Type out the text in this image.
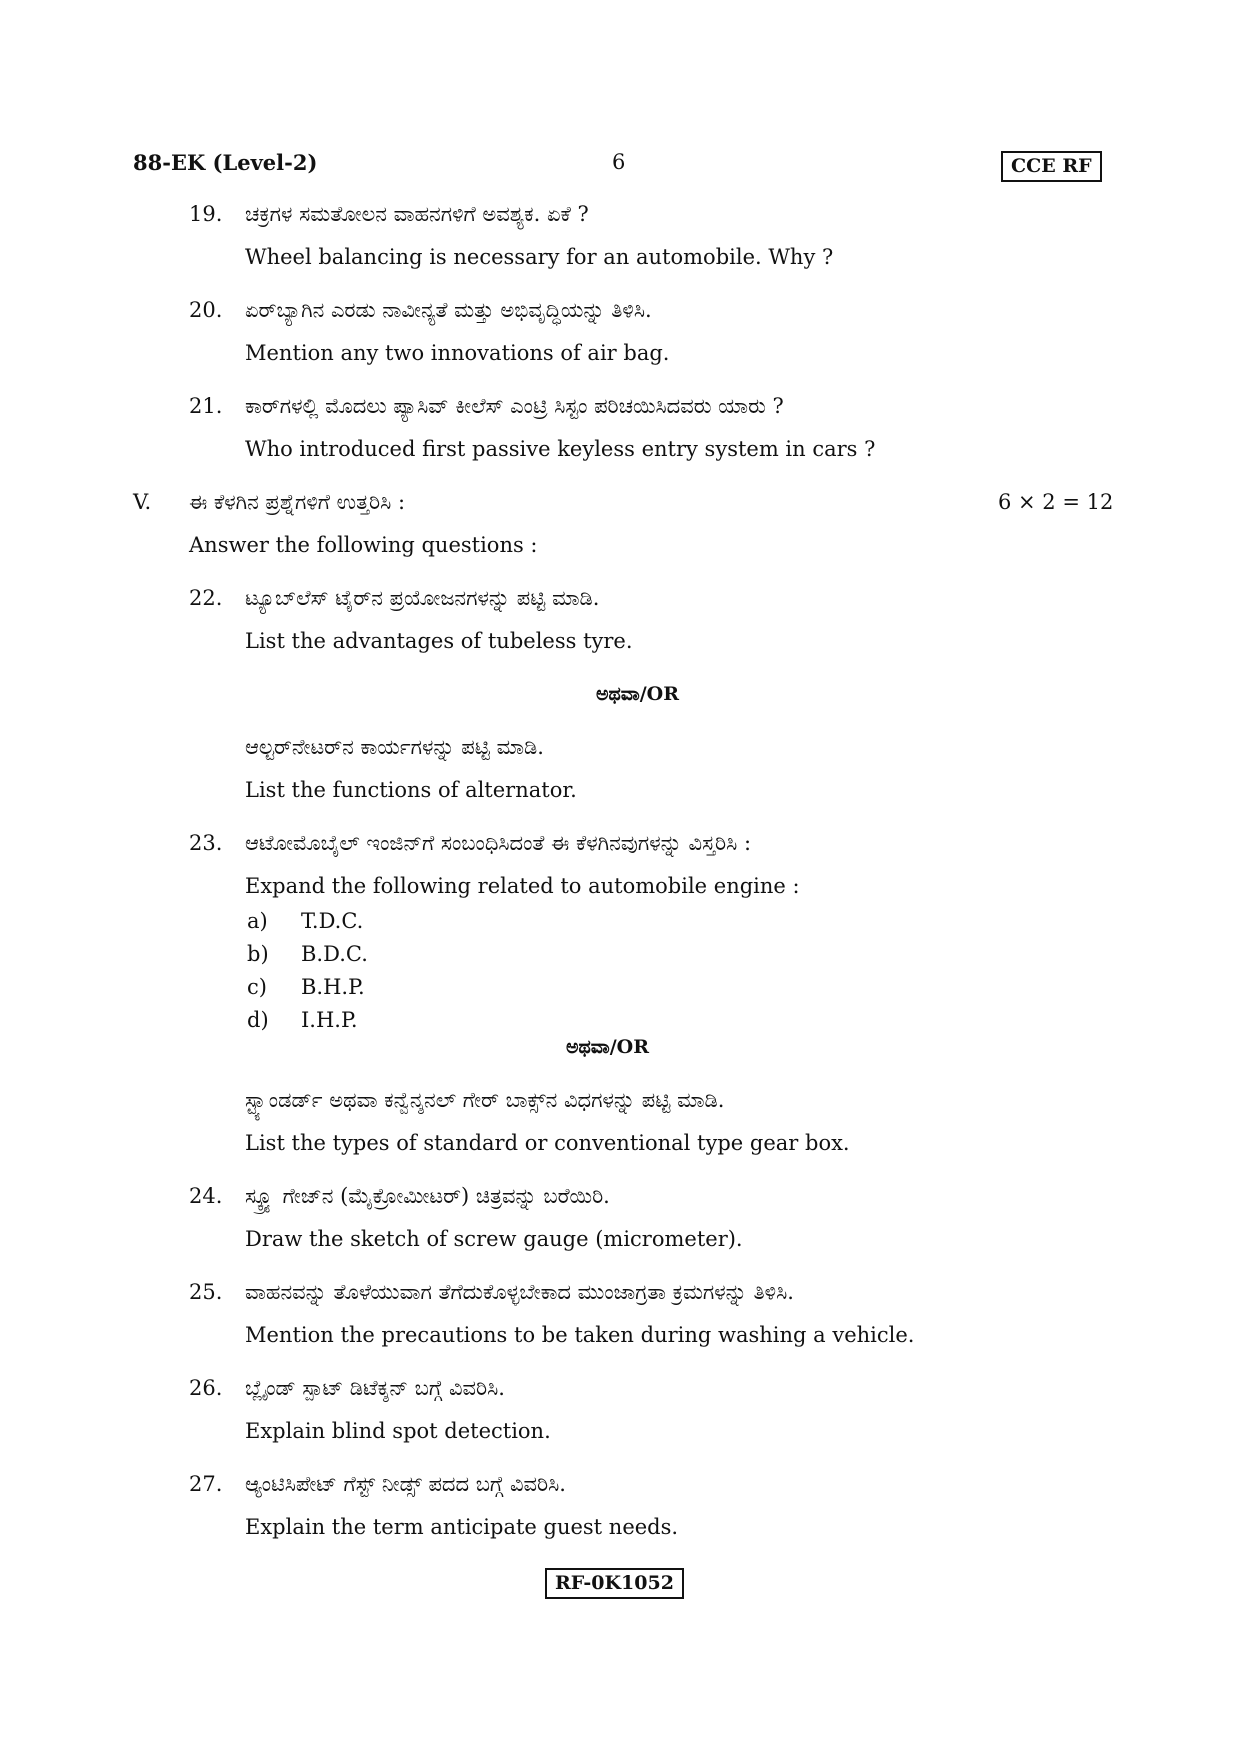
88-EK (Level-2)	6	CCE RF
19. ಚಕ್ರಗಳ ಸಮತೋಲನ ವಾಹನಗಳಿಗೆ ಅವಶ್ಯಕ. ಏಕೆ ?
Wheel balancing is necessary for an automobile. Why ?
20. ಏರ್‌ಬ್ಯಾಗಿನ ಎರಡು ನಾವೀನ್ಯತೆ ಮತ್ತು ಅಭಿವೃದ್ಧಿಯನ್ನು ತಿಳಿಸಿ.
Mention any two innovations of air bag.
21. ಕಾರ್‌ಗಳಲ್ಲಿ ಮೊದಲು ಪ್ಯಾಸಿವ್ ಕೀಲೆಸ್ ಎಂಟ್ರಿ ಸಿಸ್ಟಂ ಪರಿಚಯಿಸಿದವರು ಯಾರು ?
Who introduced first passive keyless entry system in cars ?
V. ಈ ಕೆಳಗಿನ ಪ್ರಶ್ನೆಗಳಿಗೆ ಉತ್ತರಿಸಿ :	6 × 2 = 12
Answer the following questions :
22. ಟ್ಯೂಬ್‌ಲೆಸ್ ಟೈರ್‌ನ ಪ್ರಯೋಜನಗಳನ್ನು ಪಟ್ಟಿ ಮಾಡಿ.
List the advantages of tubeless tyre.
ಅಥವಾ/OR
ಆಲ್ಟರ್‌ನೇಟರ್‌ನ ಕಾರ್ಯಗಳನ್ನು ಪಟ್ಟಿ ಮಾಡಿ.
List the functions of alternator.
23. ಆಟೋಮೊಬೈಲ್ ಇಂಜಿನ್‌ಗೆ ಸಂಬಂಧಿಸಿದಂತೆ ಈ ಕೆಳಗಿನವುಗಳನ್ನು ವಿಸ್ತರಿಸಿ :
Expand the following related to automobile engine :
a) T.D.C.
b) B.D.C.
c) B.H.P.
d) I.H.P.
ಅಥವಾ/OR
ಸ್ಟ್ಯಾಂಡರ್ಡ್ ಅಥವಾ ಕನ್ವೆನ್ಶನಲ್ ಗೇರ್ ಬಾಕ್ಸ್‌ನ ವಿಧಗಳನ್ನು ಪಟ್ಟಿ ಮಾಡಿ.
List the types of standard or conventional type gear box.
24. ಸ್ಕ್ರ್ಯೂ ಗೇಜ್‌ನ (ಮೈಕ್ರೋಮೀಟರ್) ಚಿತ್ರವನ್ನು ಬರೆಯಿರಿ.
Draw the sketch of screw gauge (micrometer).
25. ವಾಹನವನ್ನು ತೊಳೆಯುವಾಗ ತೆಗೆದುಕೊಳ್ಳಬೇಕಾದ ಮುಂಜಾಗ್ರತಾ ಕ್ರಮಗಳನ್ನು ತಿಳಿಸಿ.
Mention the precautions to be taken during washing a vehicle.
26. ಬ್ಲೈಂಡ್ ಸ್ಪಾಟ್ ಡಿಟೆಕ್ಶನ್ ಬಗ್ಗೆ ವಿವರಿಸಿ.
Explain blind spot detection.
27. ಆ್ಯಂಟಿಸಿಪೇಟ್ ಗೆಸ್ಟ್ ನೀಡ್ಸ್ ಪದದ ಬಗ್ಗೆ ವಿವರಿಸಿ.
Explain the term anticipate guest needs.
RF-0K1052
